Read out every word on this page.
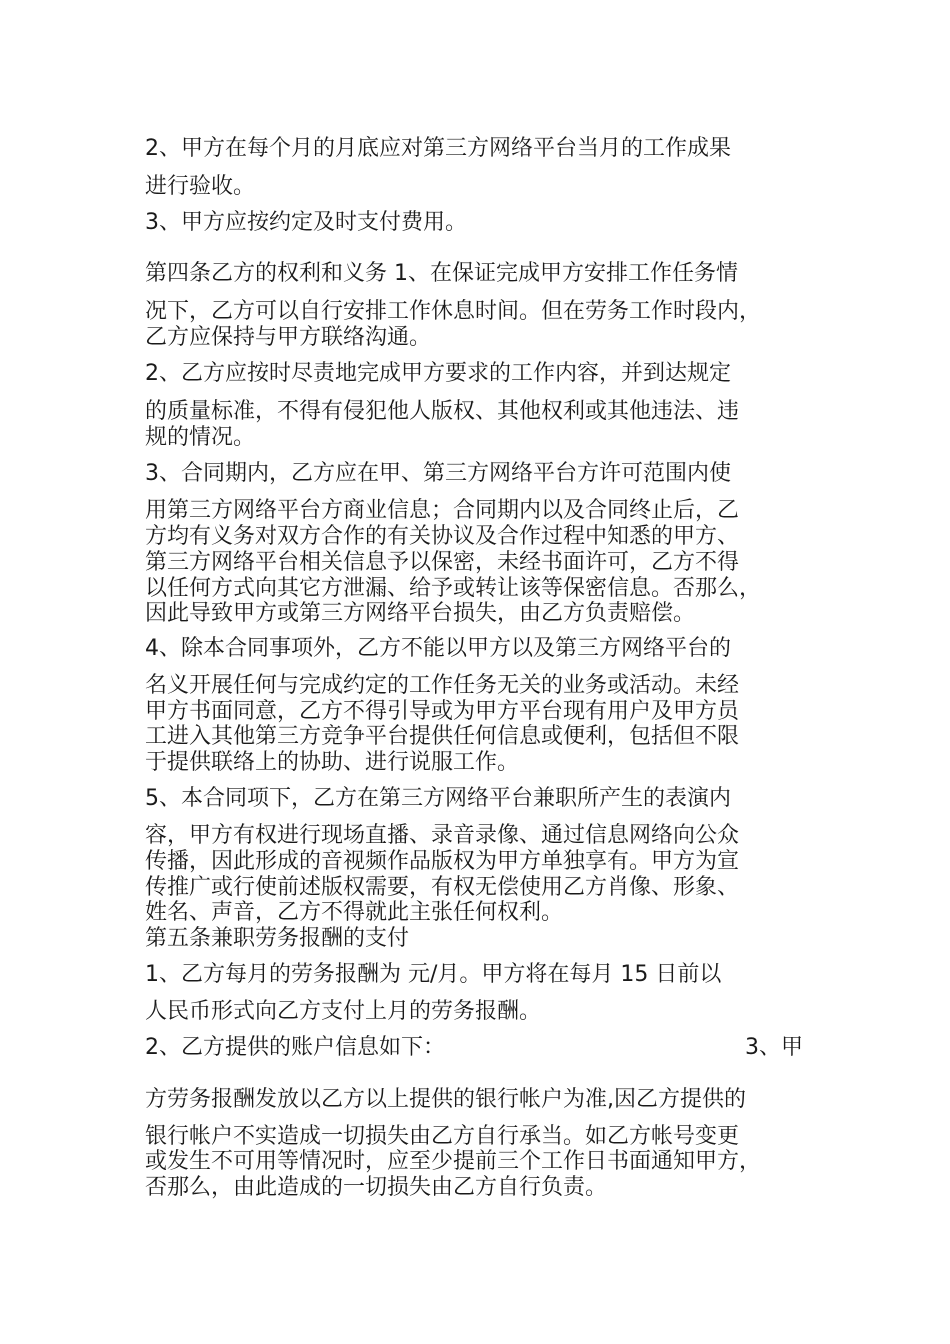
2、甲方在每个月的月底应对第三方网络平台当月的工作成果

进行验收。

3、甲方应按约定及时支付费用。

第四条乙方的权利和义务 1、在保证完成甲方安排工作任务情

况下，乙方可以自行安排工作休息时间。但在劳务工作时段内，

乙方应保持与甲方联络沟通。

2、乙方应按时尽责地完成甲方要求的工作内容，并到达规定

的质量标准，不得有侵犯他人版权、其他权利或其他违法、违

规的情况。

3、合同期内，乙方应在甲、第三方网络平台方许可范围内使

用第三方网络平台方商业信息；合同期内以及合同终止后，乙

方均有义务对双方合作的有关协议及合作过程中知悉的甲方、

第三方网络平台相关信息予以保密，未经书面许可，乙方不得

以任何方式向其它方泄漏、给予或转让该等保密信息。否那么，

因此导致甲方或第三方网络平台损失，由乙方负责赔偿。

4、除本合同事项外，乙方不能以甲方以及第三方网络平台的

名义开展任何与完成约定的工作任务无关的业务或活动。未经

甲方书面同意，乙方不得引导或为甲方平台现有用户及甲方员

工进入其他第三方竞争平台提供任何信息或便利，包括但不限

于提供联络上的协助、进行说服工作。

5、本合同项下，乙方在第三方网络平台兼职所产生的表演内

容，甲方有权进行现场直播、录音录像、通过信息网络向公众

传播，因此形成的音视频作品版权为甲方单独享有。甲方为宣

传推广或行使前述版权需要，有权无偿使用乙方肖像、形象、

姓名、声音，乙方不得就此主张任何权利。

第五条兼职劳务报酬的支付

1、乙方每月的劳务报酬为 元/月。甲方将在每月 15 日前以

人民币形式向乙方支付上月的劳务报酬。

2、乙方提供的账户信息如下：	3、甲

方劳务报酬发放以乙方以上提供的银行帐户为准,因乙方提供的

银行帐户不实造成一切损失由乙方自行承当。如乙方帐号变更

或发生不可用等情况时，应至少提前三个工作日书面通知甲方，

否那么，由此造成的一切损失由乙方自行负责。
